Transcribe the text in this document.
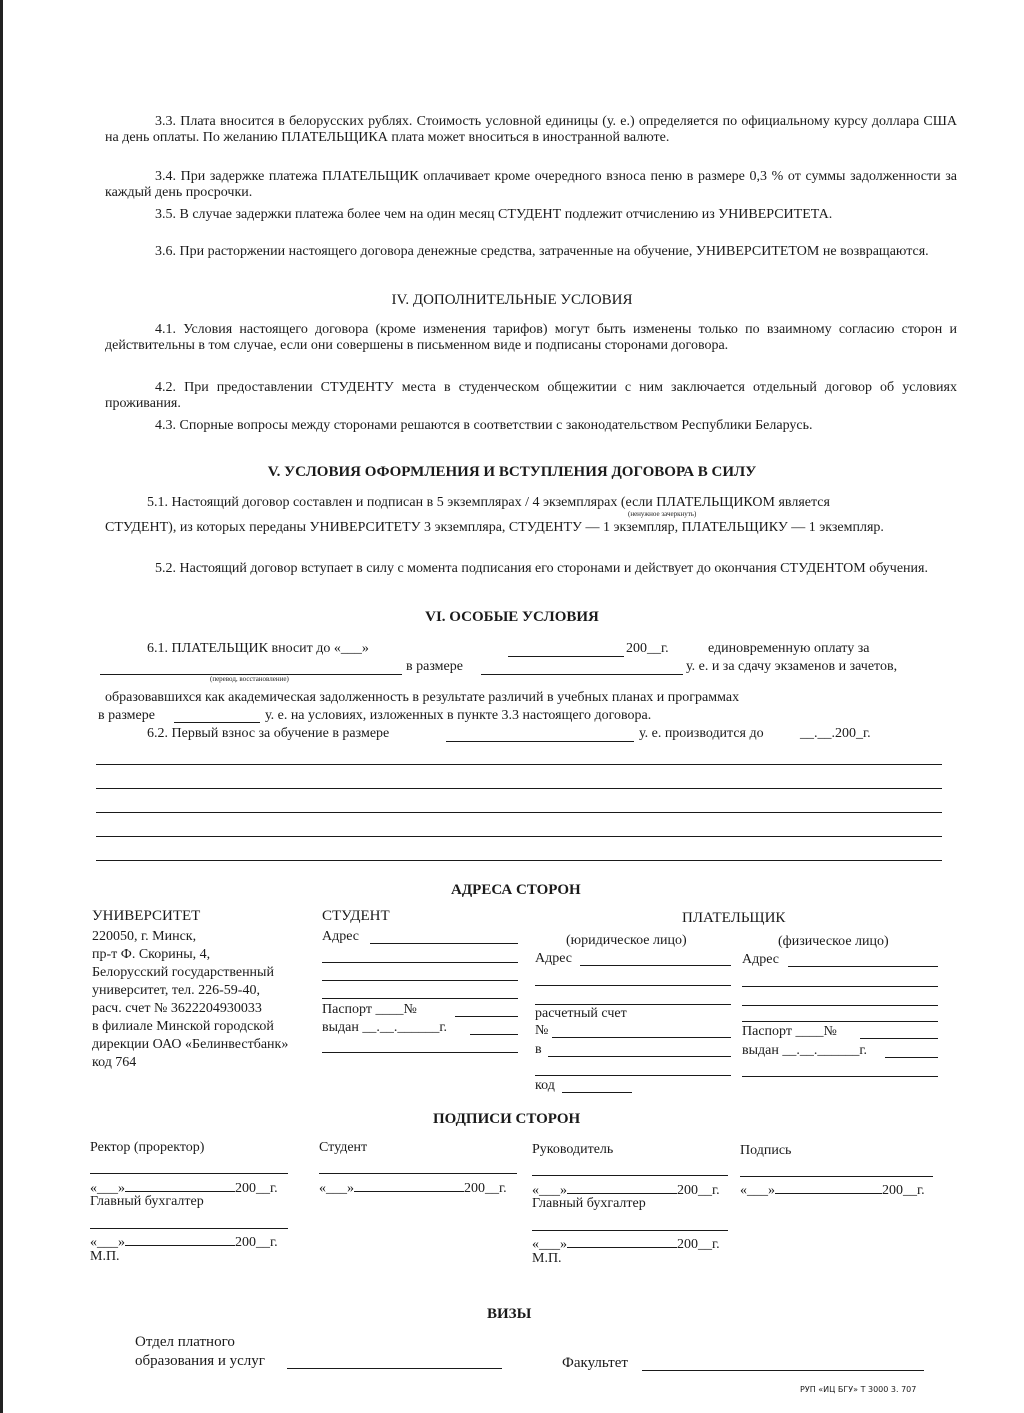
3.3. Плата вносится в белорусских рублях. Стоимость условной единицы (у. е.) определяется по официальному курсу доллара США на день оплаты. По желанию ПЛАТЕЛЬЩИКА плата может вноситься в иностранной валюте.
3.4. При задержке платежа ПЛАТЕЛЬЩИК оплачивает кроме очередного взноса пеню в размере 0,3 % от суммы задолженности за каждый день просрочки.
3.5. В случае задержки платежа более чем на один месяц СТУДЕНТ подлежит отчислению из УНИВЕРСИТЕТА.
3.6. При расторжении настоящего договора денежные средства, затраченные на обучение, УНИВЕРСИТЕТОМ не возвращаются.
IV. ДОПОЛНИТЕЛЬНЫЕ УСЛОВИЯ
4.1. Условия настоящего договора (кроме изменения тарифов) могут быть изменены только по взаимному согласию сторон и действительны в том случае, если они совершены в письменном виде и подписаны сторонами договора.
4.2. При предоставлении СТУДЕНТУ места в студенческом общежитии с ним заключается отдельный договор об условиях проживания.
4.3. Спорные вопросы между сторонами решаются в соответствии с законодательством Республики Беларусь.
V. УСЛОВИЯ ОФОРМЛЕНИЯ И ВСТУПЛЕНИЯ ДОГОВОРА В СИЛУ
5.1. Настоящий договор составлен и подписан в 5 экземплярах / 4 экземплярах (если ПЛАТЕЛЬЩИКОМ является
(ненужное зачеркнуть)
СТУДЕНТ), из которых переданы УНИВЕРСИТЕТУ 3 экземпляра, СТУДЕНТУ — 1 экземпляр, ПЛАТЕЛЬЩИКУ — 1 экземпляр.
5.2. Настоящий договор вступает в силу с момента подписания его сторонами и действует до окончания СТУДЕНТОМ обучения.
VI. ОСОБЫЕ УСЛОВИЯ
6.1. ПЛАТЕЛЬЩИК вносит до «___»	200__г.	единовременную оплату за
(перевод, восстановление)
в размере	у. е. и за сдачу экзаменов и зачетов,
образовавшихся как академическая задолженность в результате различий в учебных планах и программах
в размере	у. е. на условиях, изложенных в пункте 3.3 настоящего договора.
6.2. Первый взнос за обучение в размере	у. е. производится до	__.__.200_г.
АДРЕСА СТОРОН
УНИВЕРСИТЕТ
220050, г. Минск,
пр-т Ф. Скорины, 4,
Белорусский государственный
университет, тел. 226-59-40,
расч. счет № 3622204930033
в филиале Минской городской
дирекции ОАО «Белинвестбанк»
код 764
СТУДЕНТ
Адрес
Паспорт ____№
выдан __.__.______г.
ПЛАТЕЛЬЩИК
(юридическое лицо)	(физическое лицо)
Адрес
расчетный счет
№
в
код
Адрес
Паспорт ____№
выдан __.__.______г.
ПОДПИСИ СТОРОН
Ректор (проректор)
«___»	200__г.
Главный бухгалтер
«___»	200__г.
М.П.
Студент
«___»	200__г.
Руководитель
«___»	200__г.
Главный бухгалтер
«___»	200__г.
М.П.
Подпись
«___»	200__г.
ВИЗЫ
Отдел платного
образования и услуг	Факультет
РУП «ИЦ БГУ» Т 3000 3. 707
